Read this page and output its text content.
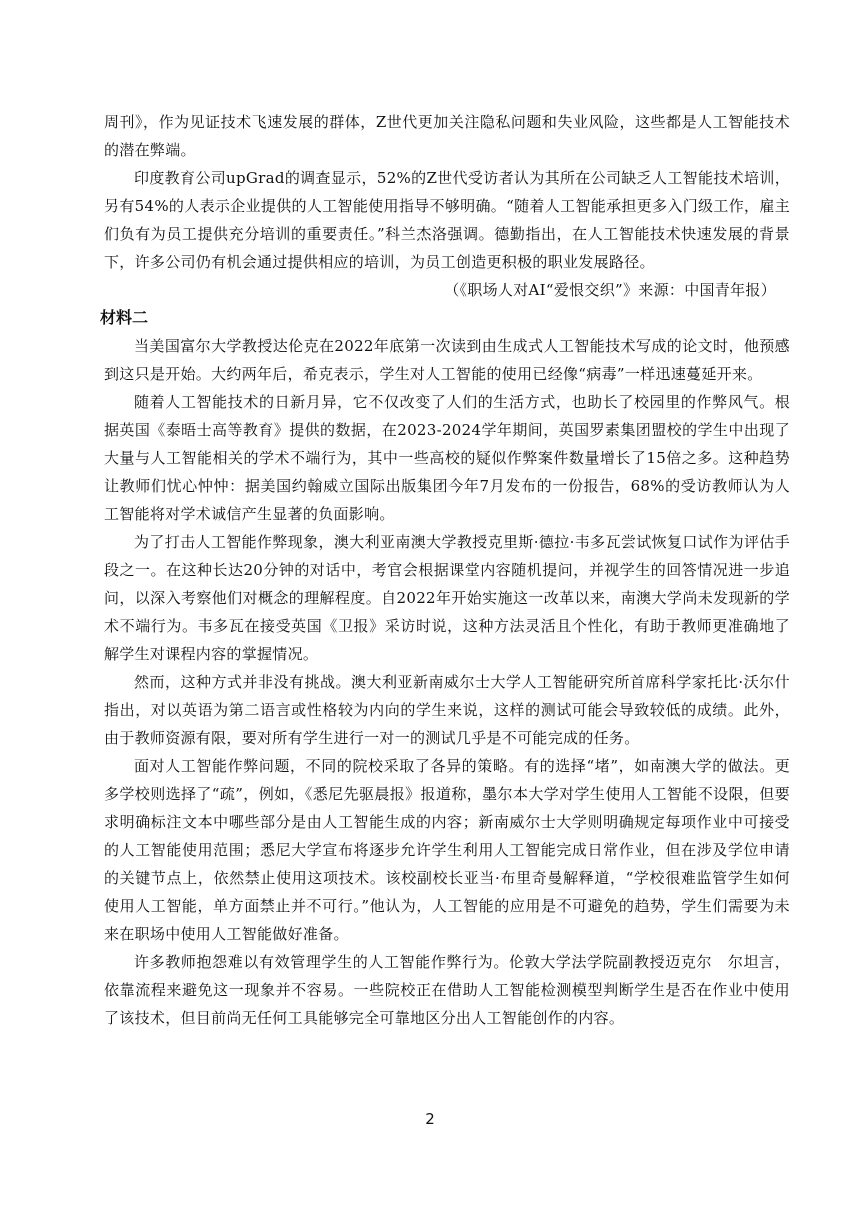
周刊》，作为见证技术飞速发展的群体，Z世代更加关注隐私问题和失业风险，这些都是人工智能技术的潜在弊端。

印度教育公司upGrad的调查显示，52%的Z世代受访者认为其所在公司缺乏人工智能技术培训，另有54%的人表示企业提供的人工智能使用指导不够明确。“随着人工智能承担更多入门级工作，雇主们负有为员工提供充分培训的重要责任。”科兰杰洛强调。德勤指出，在人工智能技术快速发展的背景下，许多公司仍有机会通过提供相应的培训，为员工创造更积极的职业发展路径。

（《职场人对AI“爱恨交织”》来源：中国青年报）

材料二

当美国富尔大学教授达伦克在2022年底第一次读到由生成式人工智能技术写成的论文时，他预感到这只是开始。大约两年后，希克表示，学生对人工智能的使用已经像“病毒”一样迅速蔓延开来。

随着人工智能技术的日新月异，它不仅改变了人们的生活方式，也助长了校园里的作弊风气。根据英国《泰晤士高等教育》提供的数据，在2023-2024学年期间，英国罗素集团盟校的学生中出现了大量与人工智能相关的学术不端行为，其中一些高校的疑似作弊案件数量增长了15倍之多。这种趋势让教师们忧心忡忡：据美国约翰威立国际出版集团今年7月发布的一份报告，68%的受访教师认为人工智能将对学术诚信产生显著的负面影响。

为了打击人工智能作弊现象，澳大利亚南澳大学教授克里斯·德拉·韦多瓦尝试恢复口试作为评估手段之一。在这种长达20分钟的对话中，考官会根据课堂内容随机提问，并视学生的回答情况进一步追问，以深入考察他们对概念的理解程度。自2022年开始实施这一改革以来，南澳大学尚未发现新的学术不端行为。韦多瓦在接受英国《卫报》采访时说，这种方法灵活且个性化，有助于教师更准确地了解学生对课程内容的掌握情况。

然而，这种方式并非没有挑战。澳大利亚新南威尔士大学人工智能研究所首席科学家托比·沃尔什指出，对以英语为第二语言或性格较为内向的学生来说，这样的测试可能会导致较低的成绩。此外，由于教师资源有限，要对所有学生进行一对一的测试几乎是不可能完成的任务。

面对人工智能作弊问题，不同的院校采取了各异的策略。有的选择“堵”，如南澳大学的做法。更多学校则选择了“疏”，例如，《悉尼先驱晨报》报道称，墨尔本大学对学生使用人工智能不设限，但要求明确标注文本中哪些部分是由人工智能生成的内容；新南威尔士大学则明确规定每项作业中可接受的人工智能使用范围；悉尼大学宣布将逐步允许学生利用人工智能完成日常作业，但在涉及学位申请的关键节点上，依然禁止使用这项技术。该校副校长亚当·布里奇曼解释道，“学校很难监管学生如何使用人工智能，单方面禁止并不可行。”他认为，人工智能的应用是不可避免的趋势，学生们需要为未来在职场中使用人工智能做好准备。

许多教师抱怨难以有效管理学生的人工智能作弊行为。伦敦大学法学院副教授迈克尔　尔坦言，依靠流程来避免这一现象并不容易。一些院校正在借助人工智能检测模型判断学生是否在作业中使用了该技术，但目前尚无任何工具能够完全可靠地区分出人工智能创作的内容。

2
